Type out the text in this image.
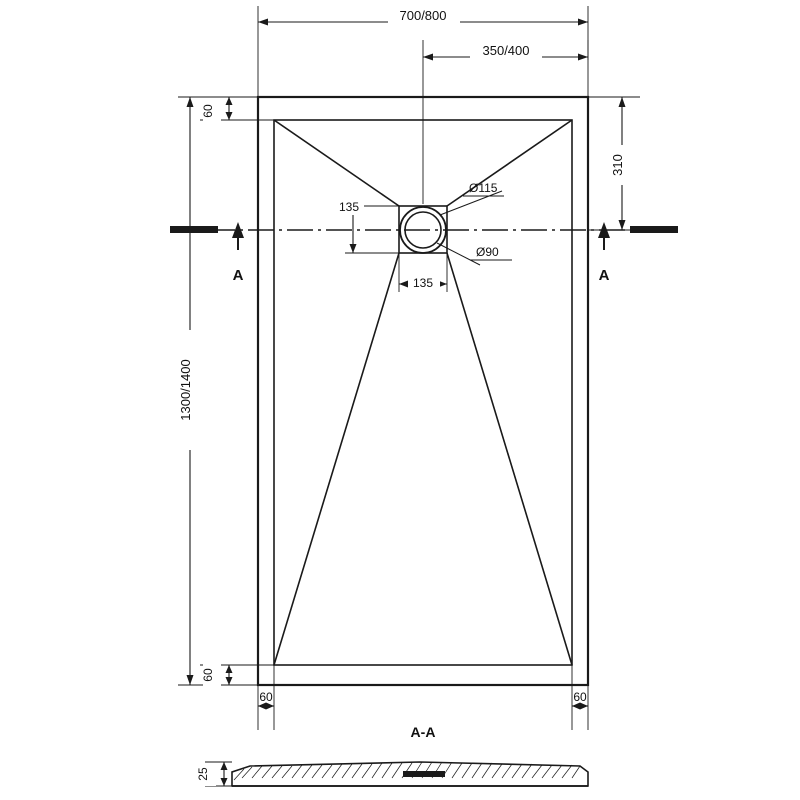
700/800
350/400
310
1300/1400
60
60
60	60
A	A
135
135
Ø115
Ø90
A-A
25
